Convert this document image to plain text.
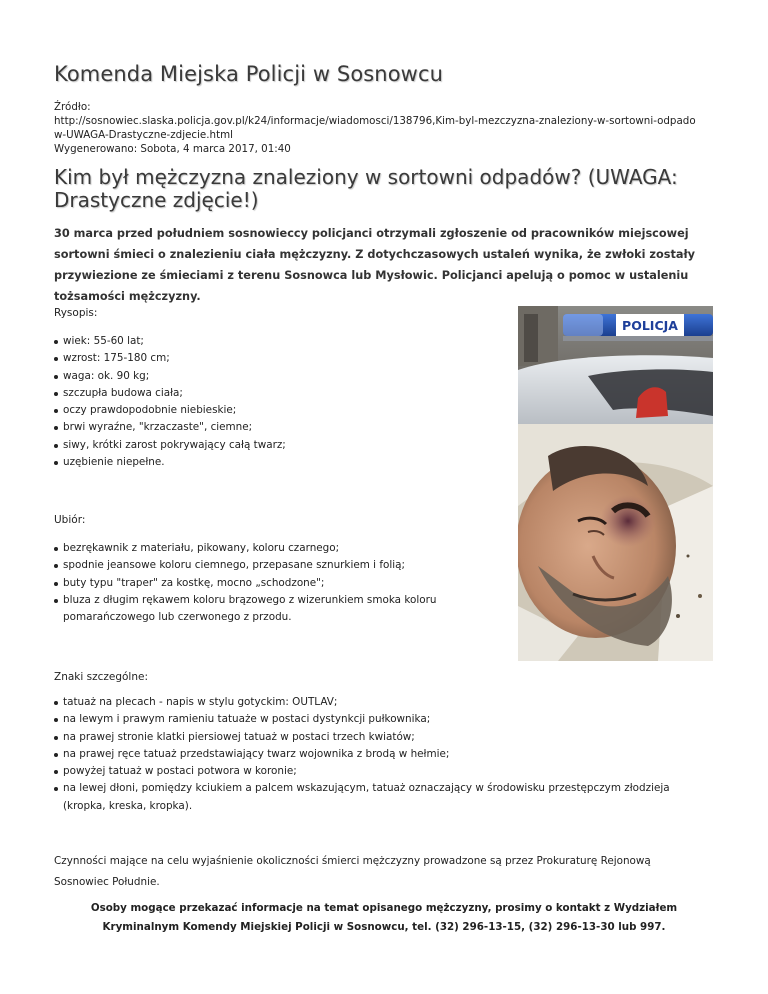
Komenda Miejska Policji w Sosnowcu
Źródło:
http://sosnowiec.slaska.policja.gov.pl/k24/informacje/wiadomosci/138796,Kim-byl-mezczyzna-znaleziony-w-sortowni-odpado
w-UWAGA-Drastyczne-zdjecie.html
Wygenerowano: Sobota, 4 marca 2017, 01:40
Kim był mężczyzna znaleziony w sortowni odpadów? (UWAGA: Drastyczne zdjęcie!)

30 marca przed południem sosnowieccy policjanci otrzymali zgłoszenie od pracowników miejscowej sortowni śmieci o znalezieniu ciała mężczyzny. Z dotychczasowych ustaleń wynika, że zwłoki zostały przywiezione ze śmieciami z terenu Sosnowca lub Mysłowic. Policjanci apelują o pomoc w ustaleniu tożsamości mężczyzny.

POLICJA

Rysopis:

wiek: 55-60 lat;
wzrost: 175-180 cm;
waga: ok. 90 kg;
szczupła budowa ciała;
oczy prawdopodobnie niebieskie;
brwi wyraźne, "krzaczaste", ciemne;
siwy, krótki zarost pokrywający całą twarz;
uzębienie niepełne.

Ubiór:

bezrękawnik z materiału, pikowany, koloru czarnego;
spodnie jeansowe koloru ciemnego, przepasane sznurkiem i folią;
buty typu "traper" za kostkę, mocno „schodzone";
bluza z długim rękawem koloru brązowego z wizerunkiem smoka koloru pomarańczowego lub czerwonego z przodu.

Znaki szczególne:

tatuaż na plecach - napis w stylu gotyckim: OUTLAV;
na lewym i prawym ramieniu tatuaże w postaci dystynkcji pułkownika;
na prawej stronie klatki piersiowej tatuaż w postaci trzech kwiatów;
na prawej ręce tatuaż przedstawiający twarz wojownika z brodą w hełmie;
powyżej tatuaż w postaci potwora w koronie;
na lewej dłoni, pomiędzy kciukiem a palcem wskazującym, tatuaż oznaczający w środowisku przestępczym złodzieja (kropka, kreska, kropka).

Czynności mające na celu wyjaśnienie okoliczności śmierci mężczyzny prowadzone są przez Prokuraturę Rejonową Sosnowiec Południe.

Osoby mogące przekazać informacje na temat opisanego mężczyzny, prosimy o kontakt z Wydziałem Kryminalnym Komendy Miejskiej Policji w Sosnowcu, tel. (32) 296-13-15, (32) 296-13-30 lub 997.
